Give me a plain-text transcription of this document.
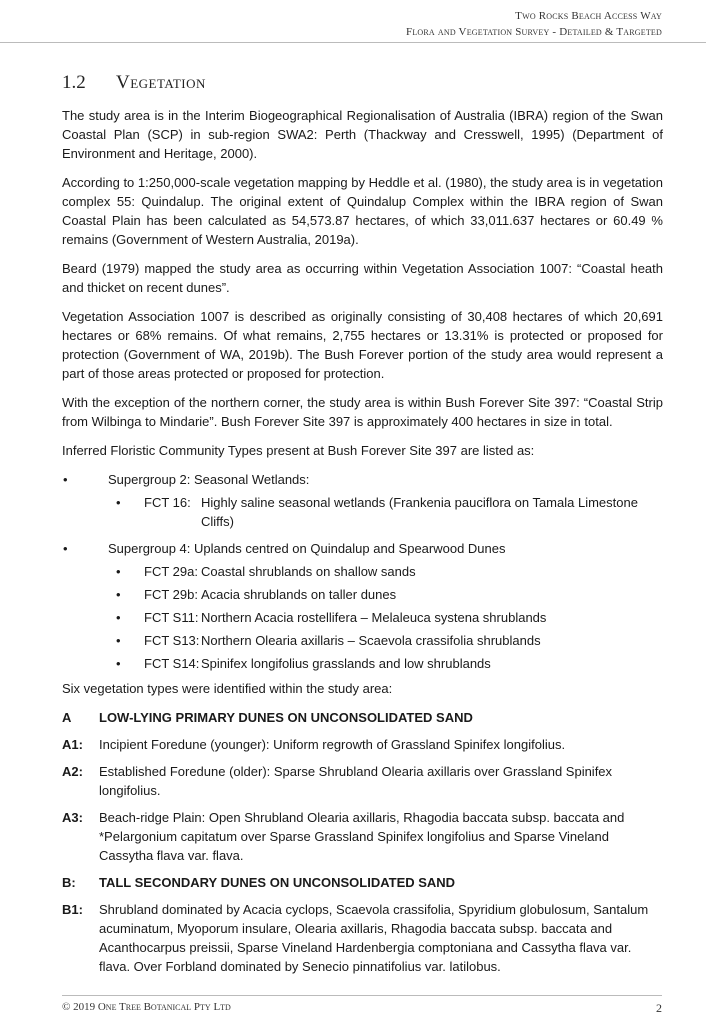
Two Rocks Beach Access Way
Flora and Vegetation Survey - Detailed & Targeted
1.2 Vegetation

The study area is in the Interim Biogeographical Regionalisation of Australia (IBRA) region of the Swan Coastal Plan (SCP) in sub-region SWA2: Perth (Thackway and Cresswell, 1995) (Department of Environment and Heritage, 2000).

According to 1:250,000-scale vegetation mapping by Heddle et al. (1980), the study area is in vegetation complex 55: Quindalup. The original extent of Quindalup Complex within the IBRA region of Swan Coastal Plain has been calculated as 54,573.87 hectares, of which 33,011.637 hectares or 60.49 % remains (Government of Western Australia, 2019a).

Beard (1979) mapped the study area as occurring within Vegetation Association 1007: “Coastal heath and thicket on recent dunes”.

Vegetation Association 1007 is described as originally consisting of 30,408 hectares of which 20,691 hectares or 68% remains. Of what remains, 2,755 hectares or 13.31% is protected or proposed for protection (Government of WA, 2019b). The Bush Forever portion of the study area would represent a part of those areas protected or proposed for protection.

With the exception of the northern corner, the study area is within Bush Forever Site 397: “Coastal Strip from Wilbinga to Mindarie”. Bush Forever Site 397 is approximately 400 hectares in size in total.

Inferred Floristic Community Types present at Bush Forever Site 397 are listed as:

• Supergroup 2: Seasonal Wetlands:
• FCT 16: Highly saline seasonal wetlands (Frankenia pauciflora on Tamala Limestone Cliffs)
• Supergroup 4: Uplands centred on Quindalup and Spearwood Dunes
• FCT 29a: Coastal shrublands on shallow sands
• FCT 29b: Acacia shrublands on taller dunes
• FCT S11: Northern Acacia rostellifera – Melaleuca systena shrublands
• FCT S13: Northern Olearia axillaris – Scaevola crassifolia shrublands
• FCT S14: Spinifex longifolius grasslands and low shrublands

Six vegetation types were identified within the study area:

A	LOW-LYING PRIMARY DUNES ON UNCONSOLIDATED SAND
A1:	Incipient Foredune (younger): Uniform regrowth of Grassland Spinifex longifolius.
A2:	Established Foredune (older): Sparse Shrubland Olearia axillaris over Grassland Spinifex longifolius.
A3:	Beach-ridge Plain: Open Shrubland Olearia axillaris, Rhagodia baccata subsp. baccata and *Pelargonium capitatum over Sparse Grassland Spinifex longifolius and Sparse Vineland Cassytha flava var. flava.
B:	TALL SECONDARY DUNES ON UNCONSOLIDATED SAND
B1:	Shrubland dominated by Acacia cyclops, Scaevola crassifolia, Spyridium globulosum, Santalum acuminatum, Myoporum insulare, Olearia axillaris, Rhagodia baccata subsp. baccata and Acanthocarpus preissii, Sparse Vineland Hardenbergia comptoniana and Cassytha flava var. flava. Over Forbland dominated by Senecio pinnatifolius var. latilobus.
© 2019 One Tree Botanical Pty Ltd	2
